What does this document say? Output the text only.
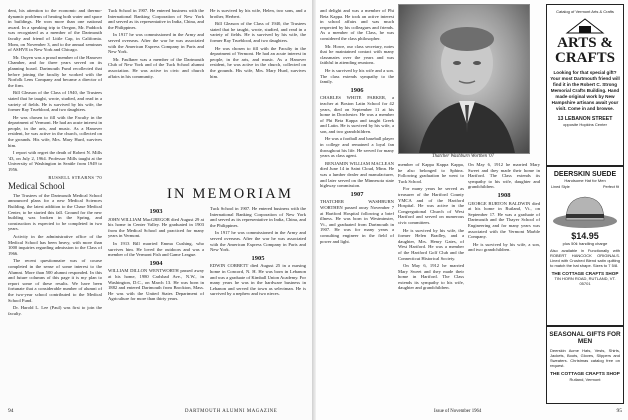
dent, his attention to the economic and thermo-dynamic problems of heating both water and space in buildings. He won more than one national award. In a speaking trip to Oregon, Mr. Paddock was recognized as a member of the Dartmouth faculty and friend of Little Cap, in California. Mom, on November 3, and to the annual seminars of ASHVE in New York and Chicago.

Mr. Ouyen was a proud member of the Hanover Chamber, and for three years served on its planning board. Dartmouth Fund recollected that before joining the faculty he worked with the Norfolk Lens Company and became a director of the firm.

Bill Gleason of the Class of 1940, the Trustees stated that he taught, wrote, studied, and read in a variety of fields. He is survived by his wife, the former Ray Trueblood, and two daughters.

He was chosen to fill with the Faculty in the department of Vermont. He had an acute interest in people, in the arts, and music. As a Hanover resident, he was active in the church, collected on the grounds. His wife, Mrs. Mary Hurd, survives him.

I report with regret the death of Robert N. Mills '43, on July 2, 1964. Professor Mills taught at the University of Washington in Seattle from 1949 to 1956.

RUSSELL STEARNS '70
Medical School

The Trustees of the Dartmouth Medical School announced plans for a new Medical Sciences Building, the latest addition to the Chase Medical Center, to be started this fall. Ground for the new building was broken in the Spring, and construction is expected to be completed in two years.

Activity in the administrative office of the Medical School has been heavy, with more than 1000 inquiries regarding admission to the Class of 1966.

The recent questionnaire was of course completed in the sense of some interest to the Alumni. More than 500 alumni responded. In this and future columns of this page it is my plan to report some of these results. We have been fortunate that a considerable number of alumni of the two-year school contributed to the Medical School Fund.

Dr. Harold L. Lee (Paul) was first to join the faculty.

Tuck School in 1907. He entered business with the International Banking Corporation of New York and served as its representative in India, China, and the Philippines.

In 1917 he was commissioned in the Army and served overseas. After the war he was associated with the American Express Company in Paris and New York.

Mr. Faulkner was a member of the Dartmouth Club of New York and of the Tuck School alumni association. He was active in civic and church affairs in his community.

He is survived by his wife, Helen, two sons, and a brother, Herbert.

Bill Gleason of the Class of 1940, the Trustees stated that he taught, wrote, studied, and read in a variety of fields. He is survived by his wife, the former Ray Trueblood, and two daughters.

He was chosen to fill with the Faculty in the department of Vermont. He had an acute interest in people, in the arts, and music. As a Hanover resident, he was active in the church, collected on the grounds. His wife, Mrs. Mary Hurd, survives him.

IN MEMORIAM
1903

JOHN WILLIAM MacGREGOR died August 29 at his home in Center Valley. He graduated in 1903 from the Medical School and practiced for many years in Vermont.

In 1913 Bill married Emma Cushing, who survives him. He loved the outdoors and was a member of the Vermont Fish and Game League.

1904

WILLIAM DILLON WENTWORTH passed away at his home, 1980 Carlsbad Ave., N.W., in Washington, D.C., on March 13. He was born in 1882 and entered Dartmouth from Brockton, Mass. He was with the United States Department of Agriculture for more than thirty years.

Tuck School in 1907. He entered business with the International Banking Corporation of New York and served as its representative in India, China, and the Philippines.

In 1917 he was commissioned in the Army and served overseas. After the war he was associated with the American Express Company in Paris and New York.

1905

EDWIN CORBETT died August 25 in a nursing home in Concord, N. H. He was born in Lebanon and was a graduate of Kimball Union Academy. For many years he was in the hardware business in Lebanon and served the town as selectman. He is survived by a nephew and two nieces.

94	DARTMOUTH ALUMNI MAGAZINE

and delight and was a member of Phi Beta Kappa. He took an active interest in school affairs and was much respected by his colleagues and friends. As a member of the Class, he was considered the class philosopher.

Mr. Howe, our class secretary, notes that he maintained contact with many classmates over the years and was faithful in attending reunions.

He is survived by his wife and a son. The class extends sympathy to the family.

1906

CHARLES WHITE PARKER, a teacher at Boston Latin School for 42 years, died on September 11 at his home in Dorchester. He was a member of Phi Beta Kappa and taught Greek and Latin. He is survived by his wife, a son, and two grandchildren.

He was a football and baseball player in college and remained a loyal fan throughout his life. He served for many years as class agent.

BENJAMIN WILLIAM MACLEAN died June 14 in Saint Cloud, Minn. He was a lumber dealer and manufacturer, and later served on the Minnesota state highway commission.

1907

THATCHER WASHBURN WORTHEN passed away November 7 at Hartford Hospital following a brief illness. He was born in Westminster, Vt., and graduated from Dartmouth in 1907. He was for many years a consulting engineer in the field of power and light.

Thatcher Washburn Worthen '07

member of Kappa Kappa Kappa, he also belonged to Sphinx. Following graduation he went to Tuck School.

For many years he served as treasurer of the Hartford County YMCA and of the Hartford Hospital. He was active in the Congregational Church of West Hartford and served on numerous civic committees.

He is survived by his wife, the former Helen Bradley, and a daughter, Mrs. Henry Gates, of West Hartford. He was a member of the Hartford Golf Club and the Connecticut Historical Society.

On May 6, 1912 he married Mary Sweet and they made their home in Hartford. The Class extends its sympathy to his wife, daughter and grandchildren.

On May 6, 1912 he married Mary Sweet and they made their home in Hartford. The Class extends its sympathy to his wife, daughter and grandchildren.

1908

GEORGE BURTON BALDWIN died at his home in Rutland, Vt., on September 17. He was a graduate of Dartmouth and the Thayer School of Engineering and for many years was associated with the Vermont Marble Company.

He is survived by his wife, a son, and two grandchildren.

Catalog of Vermont Arts & Crafts
ARTS &
CRAFTS
Looking for that special gift? Your most Dartmouth friend will find it in the Robert C. Strong Memorial Crafts Building. Hand made original work by New Hampshire artisans await your visit. Come in and browse.
13 LEBANON STREET
opposite Hopkins Center
DEERSKIN SUEDE
Handsome Hat for Men
Lined Style	Perfect fit
$14.95
plus 50¢ handling charge
Also available in Functionally with ROBERT HANCOCK ORIGINALS. Lined with Crushed Blend satin quilting to match the hat shape. Sizes to 7 5/8.
THE COTTAGE CRAFTS SHOP
TIN HORN ROAD, RUTLAND, VT. 05701
SEASONAL GIFTS FOR MEN
Deerskin Acme Hats, Vests, Shirts, Jackets, Boots, Gloves, Slippers and Sweaters. Christmas catalog free on request.
THE COTTAGE CRAFTS SHOP
Rutland, Vermont
Issue of November 1964	95
